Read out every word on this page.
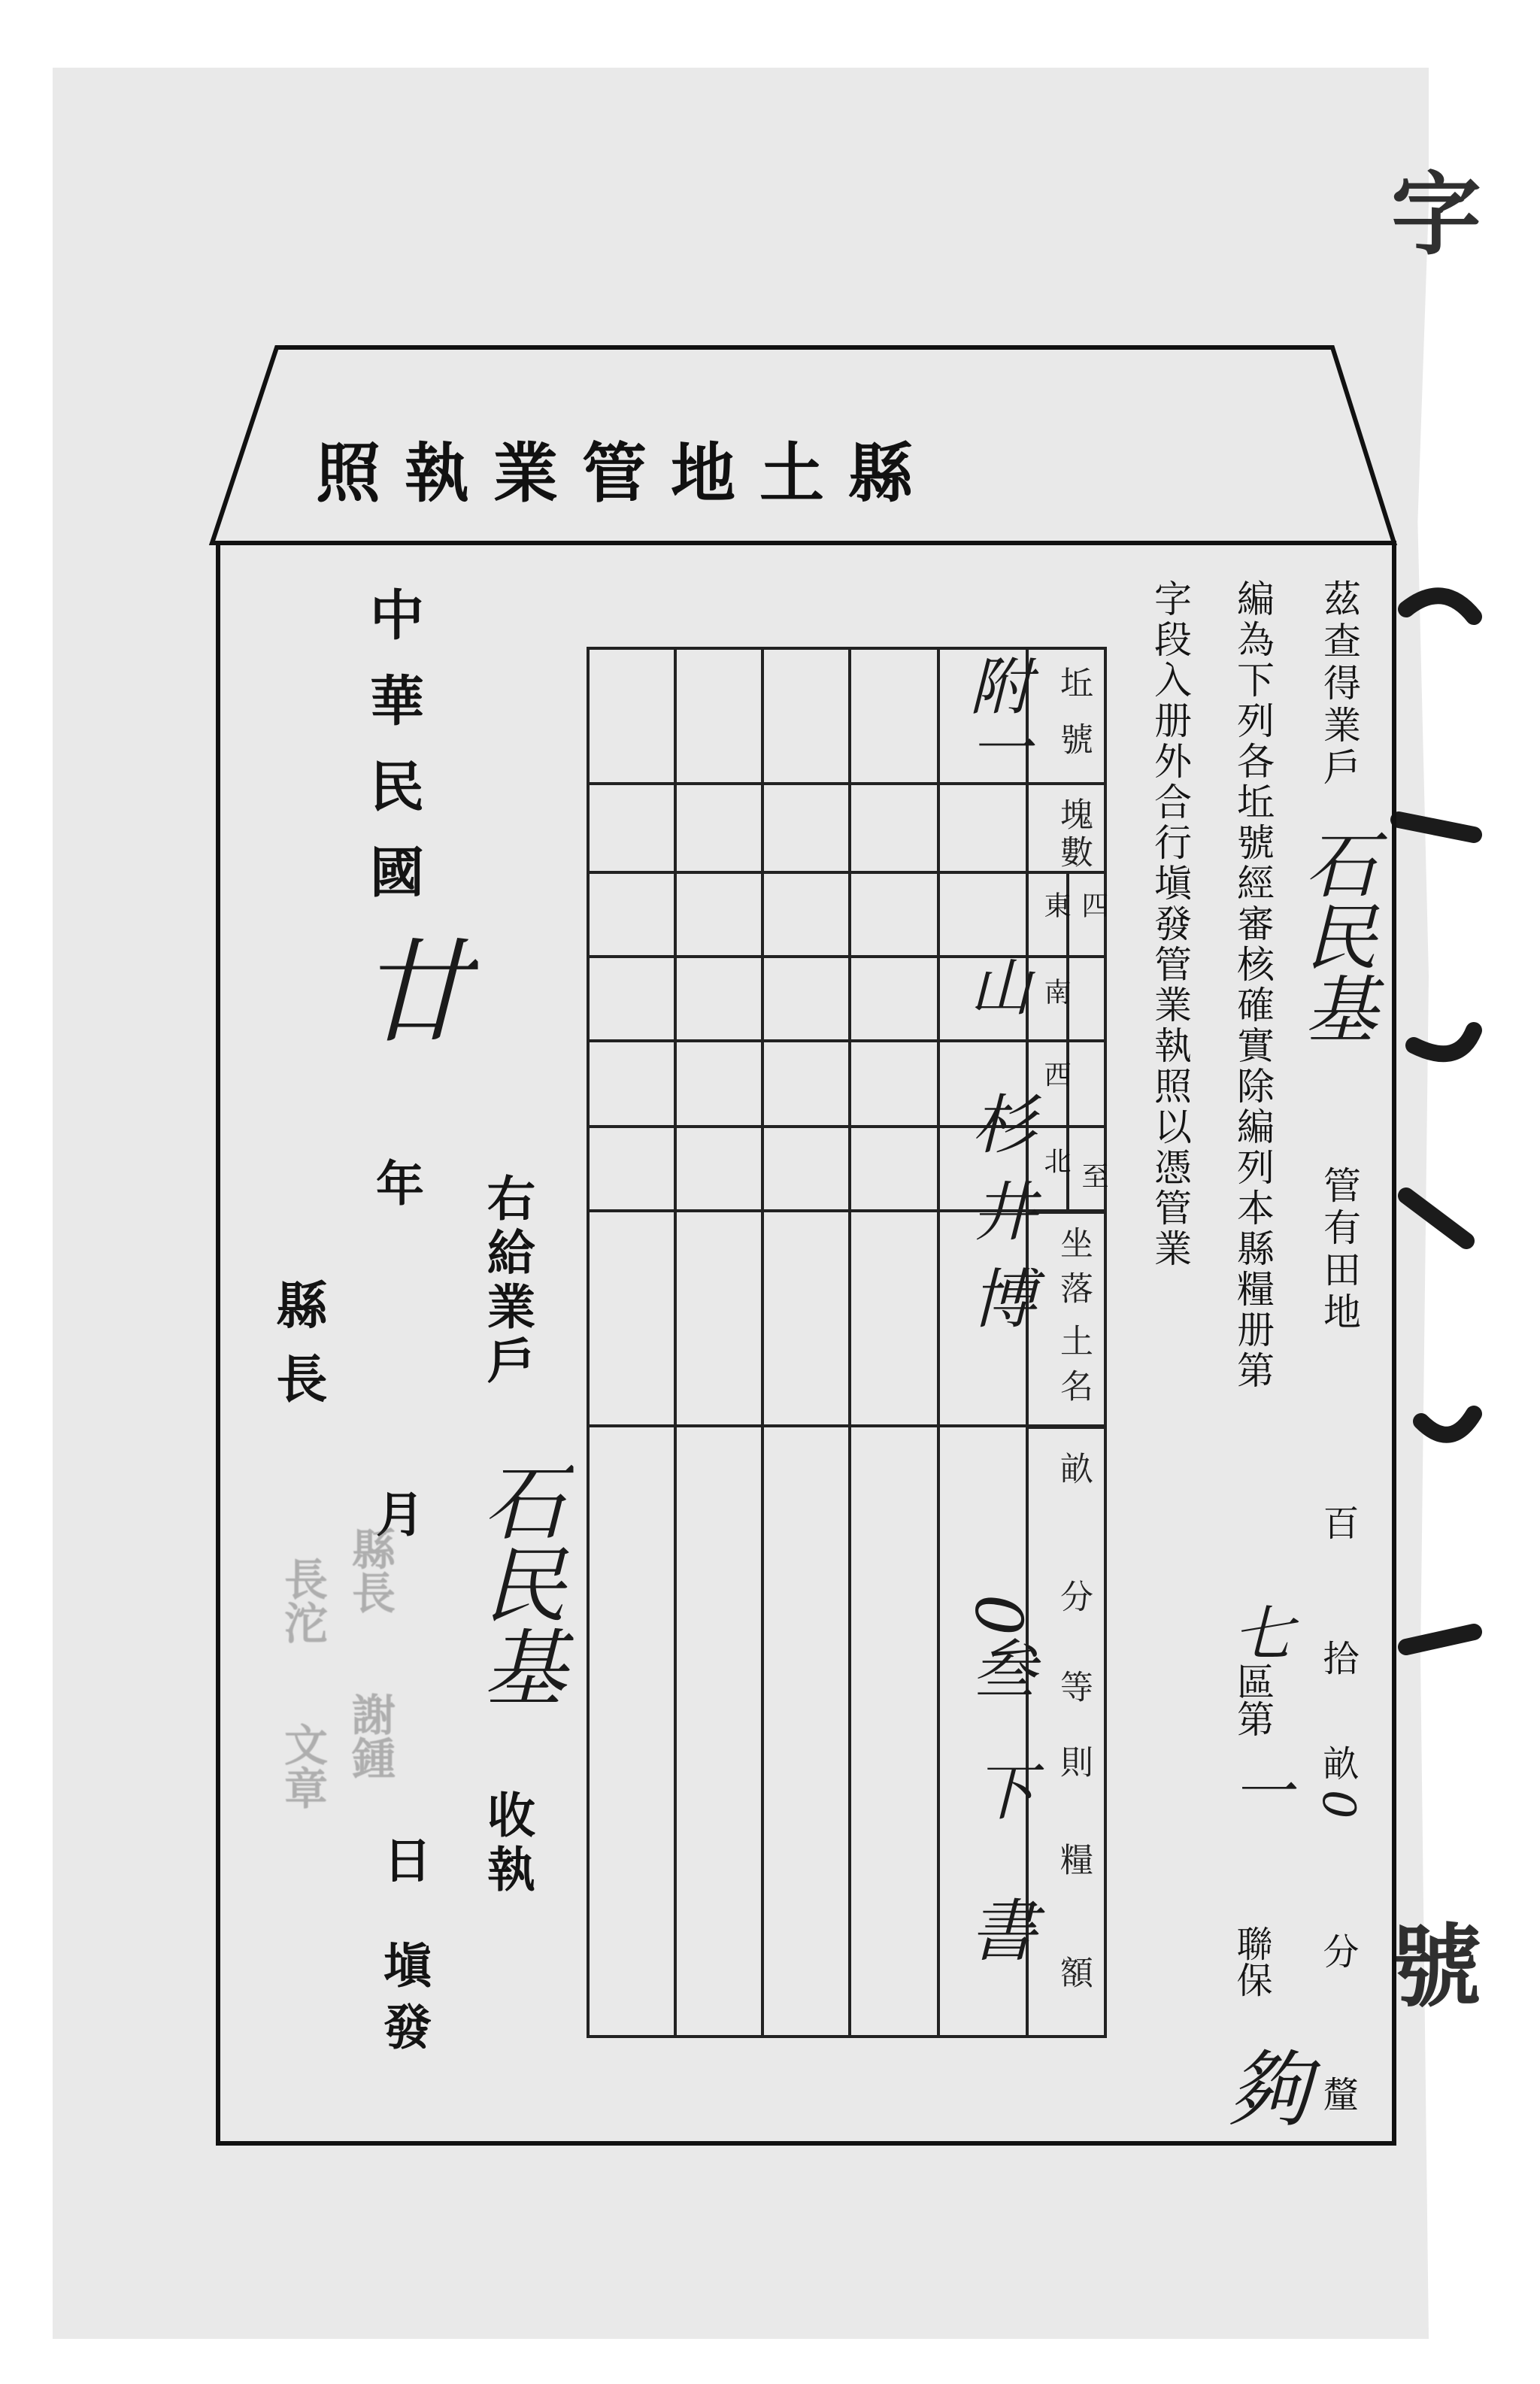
字
號
縣土地管業執照
茲查得業戶
石民基
管有田地
百
拾
畝
0
分
釐
編為下列各坵號經審核確實除編列本縣糧册第
七
區第
一
聯保
夠
字段入册外合行塡發管業執照以憑管業
坵
號
塊
數
四
至
東
南
西
北
坐
落
土
名
畝
分
等
則
糧
額
附一
山
杉井博
0叁
下
書
右給業戶
石民基
收執
中華民國
廿
年
月
日
塡發
縣長
縣長
謝鍾
長沱
文章
